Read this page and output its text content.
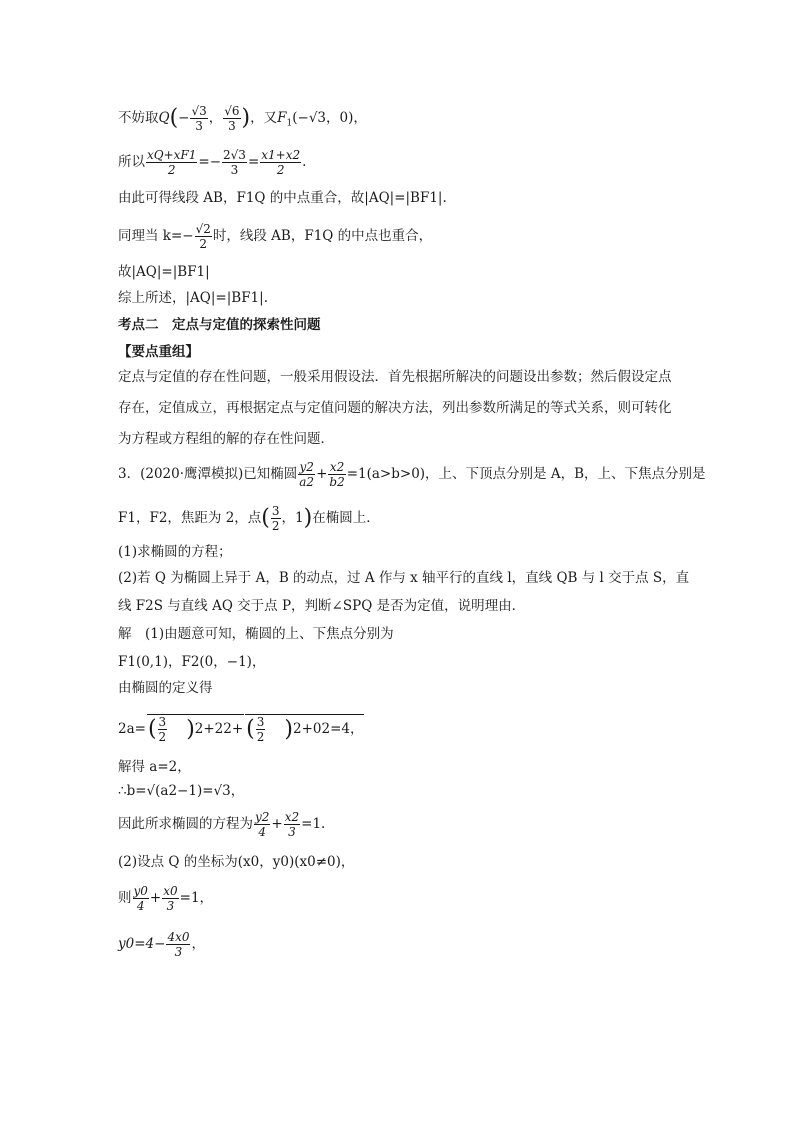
不妨取$Q(- \frac{√3}{3}$ ， $\frac{√6}{3}$ )，又$F_1(-√3$，0)，
所以 $\frac{xQ+xF1}{2} =- \frac{2√3}{3} = \frac{x1+x2}{2}$ .
由此可得线段 AB，F1Q 的中点重合，故|AQ|=|BF1|.
同理当 $k=- \frac{√2}{2}$ 时，线段 AB，F1Q 的中点也重合，
故|AQ|=|BF1|
综上所述，|AQ|=|BF1|.
考点二　定点与定值的探索性问题
【要点重组】
定点与定值的存在性问题，一般采用假设法．首先根据所解决的问题设出参数；然后假设定点存在，定值成立，再根据定点与定值问题的解决方法，列出参数所满足的等式关系，则可转化为方程或方程组的解的存在性问题．
3．(2020·鹰潭模拟)已知椭圆 $\frac{y2}{a2} + \frac{x2}{b2} =1(a>b>0)$，上、下顶点分别是 A，B，上、下焦点分别是
F1，F2，焦距为 2，点( $\frac{3}{2}$ ，1)在椭圆上．
(1)求椭圆的方程；
(2)若 Q 为椭圆上异于 A，B 的动点，过 A 作与 x 轴平行的直线 l，直线 QB 与 l 交于点 S，直
线 F2S 与直线 AQ 交于点 P，判断∠SPQ 是否为定值，说明理由．
解　(1)由题意可知，椭圆的上、下焦点分别为
F1(0,1)，F2(0，−1)，
由椭圆的定义得
$2a=( \frac{3}{2} )2+22+$ ( $\frac{3}{2} )2+02=4$，
解得 a=2，
∴b=√(a2−1)=√3，
因此所求椭圆的方程为 $\frac{y2}{4} + \frac{x2}{3} =1$.
(2)设点 Q 的坐标为(x0，y0)(x0≠0)，
则 $\frac{y0}{4} + \frac{x0}{3} =1$，
$y0=4- \frac{4x0}{3}$ ，
